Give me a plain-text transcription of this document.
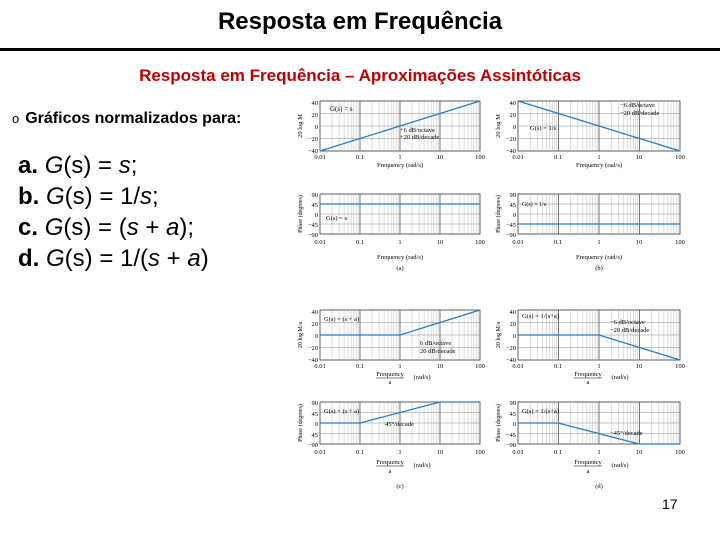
Resposta em Frequência
Resposta em Frequência – Aproximações Assintóticas
o Gráficos normalizados para:
a. G(s) = s;
b. G(s) = 1/s;
c. G(s) = (s + a);
d. G(s) = 1/(s + a)
G(s) = s
+6 dB/octave
+20 dB/decade
40
20
0
−20
−40
20 log M
0.01	0.1	1	10	100
Frequency (rad/s)
G(s) = 1/s
−6 dB/octave
−20 dB/decade
40
20
0
−20
−40
20 log M
0.01	0.1	1	10	100
Frequency (rad/s)
G(s) = s
90
45
0
−45
−90
Phase (degrees)
0.01	0.1	1	10	100
Frequency (rad/s)
(a)
G(s) = 1/s
90
45
0
−45
−90
Phase (degrees)
0.01	0.1	1	10	100
Frequency (rad/s)
(b)
G(s) = (s + a)
6 dB/octave
20 dB/decade
40
20
0
−20
−40
20 log M/a
0.01	0.1	1	10	100
Frequency
a
(rad/s)
G(s) = 1/(s+a)
−6 dB/octave
−20 dB/decade
40
20
0
−20
−40
20 log M/a
0.01	0.1	1	10	100
Frequency
a
(rad/s)
G(s) = (s + a)
45°/decade
90
45
0
45
−90
Phase (degrees)
0.01	0.1	1	10	100
Frequency
a
(rad/s)
(c)
G(s) = 1/(s+a)
−45°/decade
90
45
0
−45
−90
Phase (degrees)
0.01	0.1	1	10	100
Frequency
a
(rad/s)
(d)
17
